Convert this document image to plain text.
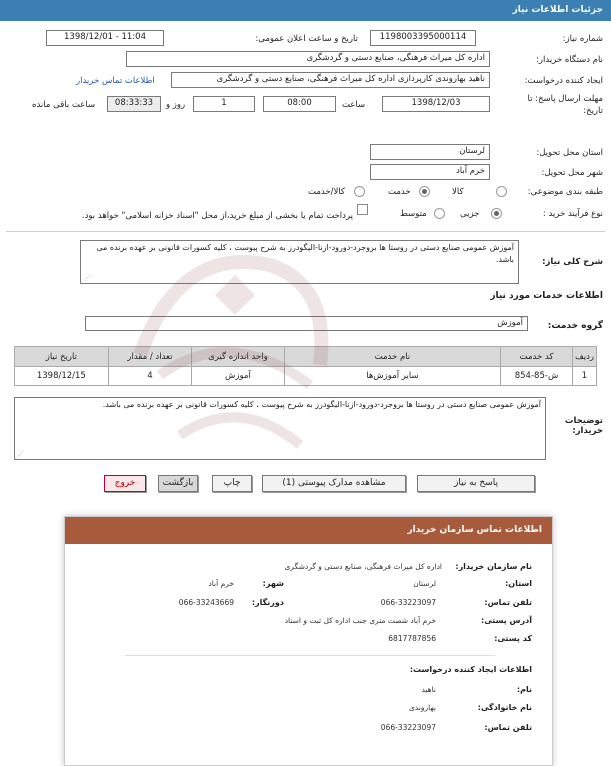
جزئیات اطلاعات نیاز
شماره نیاز:
1198003395000114
تاریخ و ساعت اعلان عمومی:
1398/12/01 - 11:04
نام دستگاه خریدار:
اداره کل میراث فرهنگی، صنایع دستی و گردشگری
ایجاد کننده درخواست:
ناهید بهاروندی کارپردازی اداره کل میراث فرهنگی، صنایع دستی و گردشگری
اطلاعات تماس خریدار
مهلت ارسال پاسخ: تا
تاریخ:
1398/12/03
ساعت
08:00
1
روز و
08:33:33
ساعت باقی مانده
استان محل تحویل:
لرستان
شهر محل تحویل:
خرم آباد
طبقه بندی موضوعی:
کالا
خدمت
کالا/خدمت
نوع فرآیند خرید :
جزیی
متوسط
پرداخت تمام یا بخشی از مبلغ خرید،از محل "اسناد خزانه اسلامی" خواهد بود.
شرح کلی نیاز:
آموزش عمومی صنایع دستی در روستا ها بروجرد-دورود-ازنا-الیگودرز به شرح پیوست ، کلیه کسورات قانونی بر عهده برنده می باشد.
⋰
اطلاعات خدمات مورد نیاز
گروه خدمت:
آموزش
ردیف	کد خدمت	نام خدمت	واحد اندازه گیری	تعداد / مقدار	تاریخ نیاز
1	ش-85-854	سایر آموزش‌ها	آموزش	4	1398/12/15
آموزش عمومی صنایع دستی در روستا ها بروجرد-دورود-ازنا-الیگودرز به شرح پیوست ، کلیه کسورات قانونی بر عهده برنده می باشد.
توضیحات خریدار:
⋰
پاسخ به نیاز
مشاهده مدارک پیوستی (1)
چاپ
بازگشت
خروج
اطلاعات تماس سازمان خریدار
نام سازمان خریدار:
اداره کل میراث فرهنگی، صنایع دستی و گردشگری
استان:
لرستان
شهر:
خرم آباد
تلفن تماس:
066-33223097
دورنگار:
066-33243669
آدرس پستی:
خرم آباد شصت متری جنب اداره کل ثبت و اسناد
کد پستی:
6817787856
اطلاعات ایجاد کننده درخواست:
نام:
ناهید
نام خانوادگی:
بهاروندی
تلفن تماس:
066-33223097
